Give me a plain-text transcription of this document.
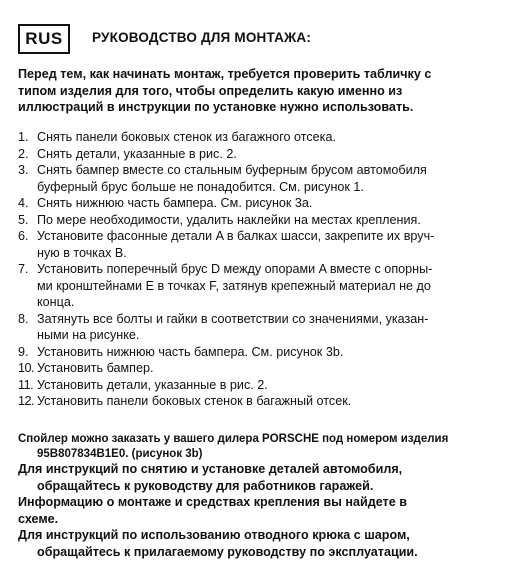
RUS	РУКОВОДСТВО ДЛЯ МОНТАЖА:

Перед тем, как начинать монтаж, требуется проверить табличку с
типом изделия для того, чтобы определить какую именно из
иллюстраций в инструкции по установке нужно использовать.

1. Снять панели боковых стенок из багажного отсека.
2. Снять детали, указанные в рис. 2.
3. Снять бампер вместе со стальным буферным брусом автомобиля
буферный брус больше не понадобится. См. рисунок 1.
4. Снять нижнюю часть бампера. См. рисунок 3a.
5. По мере необходимости, удалить наклейки на местах крепления.
6. Установите фасонные детали A в балках шасси, закрепите их вруч-
ную в точках B.
7. Установить поперечный брус D между опорами A вместе с опорны-
ми кронштейнами E в точках F, затянув крепежный материал не до
конца.
8. Затянуть все болты и гайки в соответствии со значениями, указан-
ными на рисунке.
9. Установить нижнюю часть бампера. См. рисунок 3b.
10. Установить бампер.
11. Установить детали, указанные в рис. 2.
12. Установить панели боковых стенок в багажный отсек.

Спойлер можно заказать у вашего дилера PORSCHE под номером изделия
95B807834B1E0. (рисунок 3b)

Для инструкций по снятию и установке деталей автомобиля,
обращайтесь к руководству для работников гаражей.

Информацию о монтаже и средствах крепления вы найдете в
схеме.

Для инструкций по использованию отводного крюка с шаром,
обращайтесь к прилагаемому руководству по эксплуатации.
